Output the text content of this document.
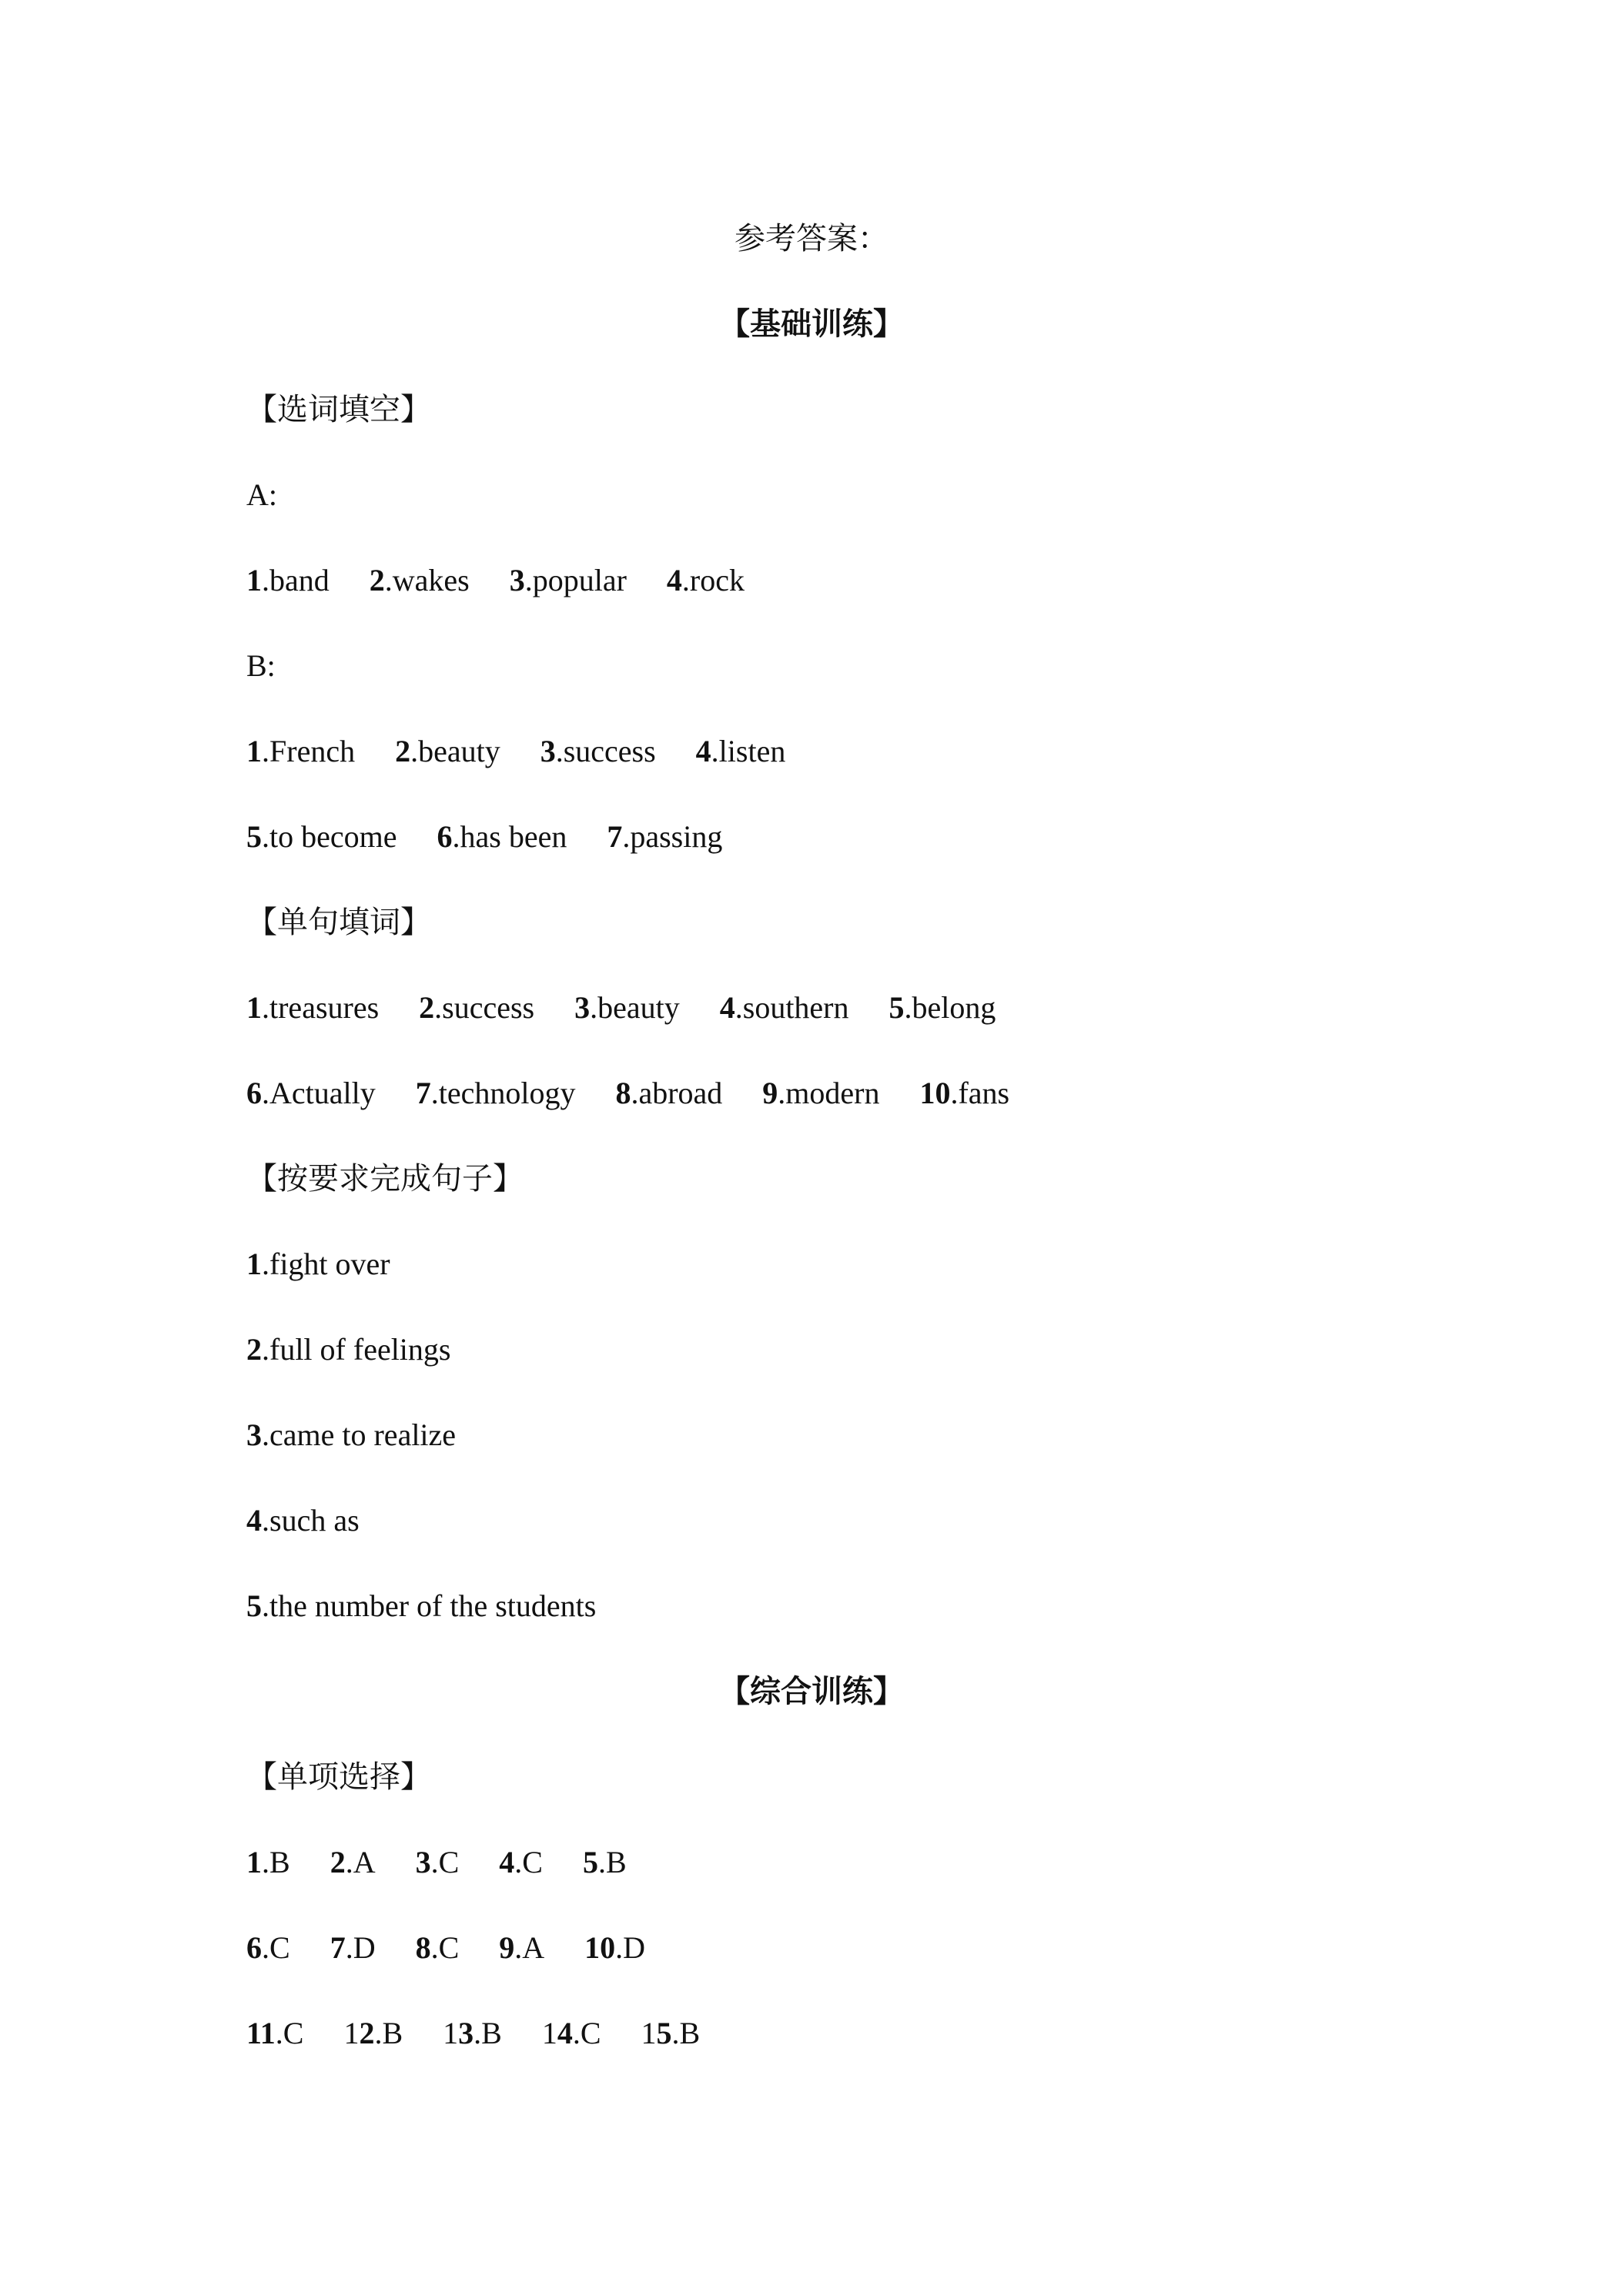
参考答案：
【基础训练】
【选词填空】
A:
1.band 2.wakes 3.popular 4.rock
B:
1.French 2.beauty 3.success 4.listen
5.to become 6.has been 7.passing
【单句填词】
1.treasures 2.success 3.beauty 4.southern 5.belong
6.Actually 7.technology 8.abroad 9.modern 10.fans
【按要求完成句子】
1.fight over
2.full of feelings
3.came to realize
4.such as
5.the number of the students
【综合训练】
【单项选择】
1.B 2.A 3.C 4.C 5.B
6.C 7.D 8.C 9.A 10.D
11.C 12.B 13.B 14.C 15.B
